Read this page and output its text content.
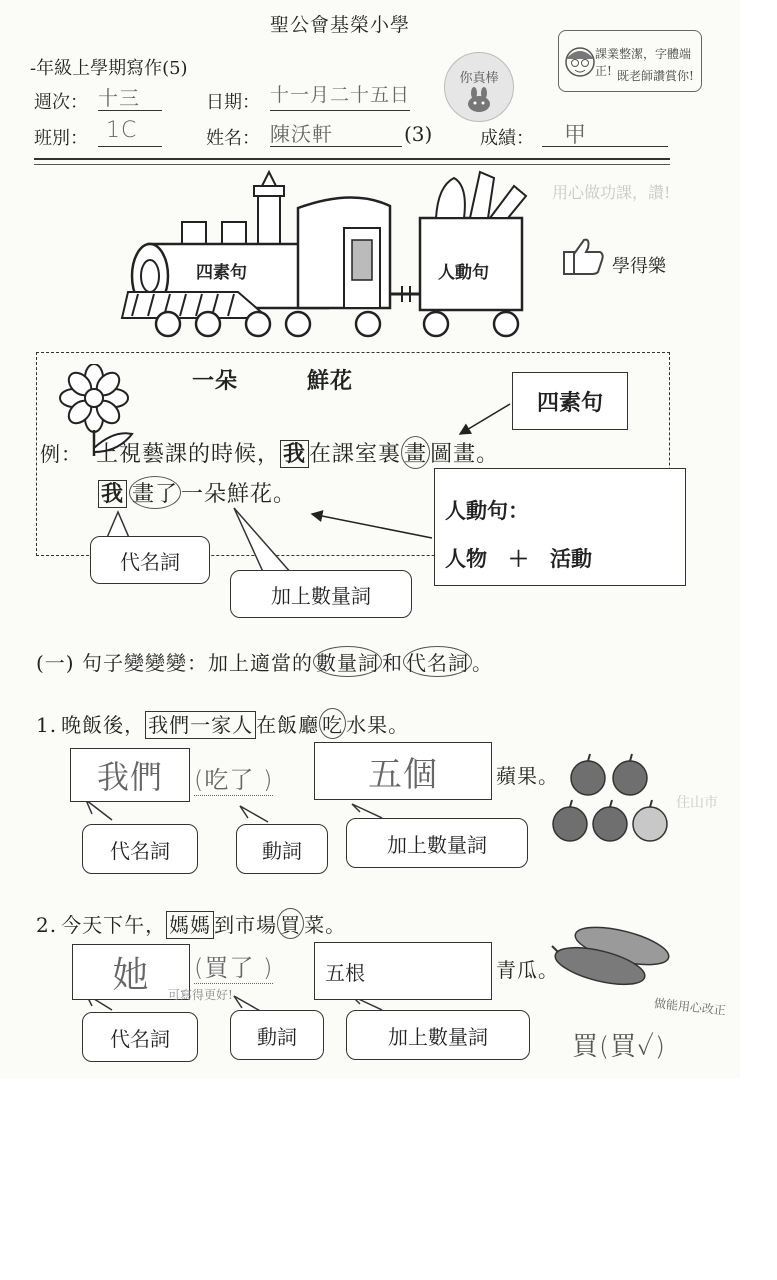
聖公會基榮小學
-年級上學期寫作(5)	你真棒
課業整潔，字體端正! 既老師讚賞你!
週次： 十三	日期： 十一月二十五日
班別： 1C	姓名： 陳沃軒	(3)	成績：	甲
四素句	人動句
用心做功課，讚!
學得樂
一朵　　　鮮花
四素句
例： 上視藝課的時候， 我 在課室裏 畫 圖畫。
我 畫了 一朵鮮花。
人動句：
人物　＋　活動
代名詞
加上數量詞
(一) 句子變變變：加上適當的 數量詞 和 代名詞 。
1. 晚飯後， 我們一家人 在飯廳 吃 水果。
我們 (吃了 )	五個	蘋果。
住山市
代名詞	動詞	加上數量詞
2. 今天下午， 媽媽 到市場 買 菜。
她 可寫得更好!
(買了 )	五根	青瓜。
做能用心改正
代名詞	動詞	加上數量詞	買(買✓)
